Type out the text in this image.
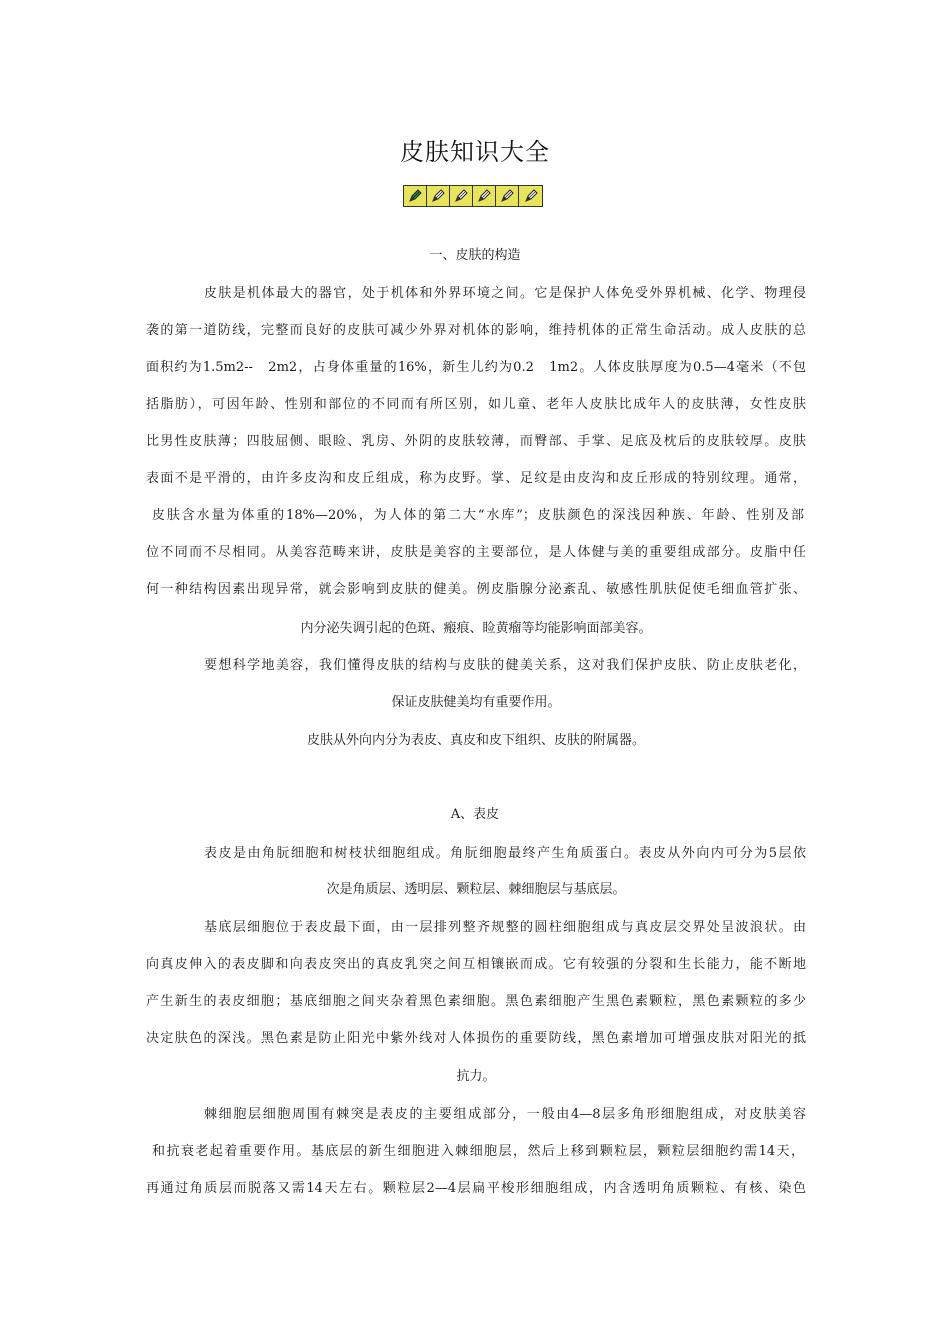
皮肤知识大全
一、皮肤的构造
皮肤是机体最大的器官，处于机体和外界环境之间。它是保护人体免受外界机械、化学、物理侵
袭的第一道防线，完整而良好的皮肤可减少外界对机体的影响，维持机体的正常生命活动。成人皮肤的总
面积约为1.5m2--　2m2，占身体重量的16%，新生儿约为0.2　1m2。人体皮肤厚度为0.5—4毫米（不包
括脂肪），可因年龄、性别和部位的不同而有所区别，如儿童、老年人皮肤比成年人的皮肤薄，女性皮肤
比男性皮肤薄；四肢屈侧、眼睑、乳房、外阴的皮肤较薄，而臀部、手掌、足底及枕后的皮肤较厚。皮肤
表面不是平滑的，由许多皮沟和皮丘组成，称为皮野。掌、足纹是由皮沟和皮丘形成的特别纹理。通常，
皮肤含水量为体重的18%—20%，为人体的第二大“水库”；皮肤颜色的深浅因种族、年龄、性别及部
位不同而不尽相同。从美容范畴来讲，皮肤是美容的主要部位，是人体健与美的重要组成部分。皮脂中任
何一种结构因素出现异常，就会影响到皮肤的健美。例皮脂腺分泌紊乱、敏感性肌肤促使毛细血管扩张、
内分泌失调引起的色斑、瘢痕、睑黄瘤等均能影响面部美容。
要想科学地美容，我们懂得皮肤的结构与皮肤的健美关系，这对我们保护皮肤、防止皮肤老化，
保证皮肤健美均有重要作用。
皮肤从外向内分为表皮、真皮和皮下组织、皮肤的附属器。
A、表皮
表皮是由角朊细胞和树枝状细胞组成。角朊细胞最终产生角质蛋白。表皮从外向内可分为5层依
次是角质层、透明层、颗粒层、棘细胞层与基底层。
基底层细胞位于表皮最下面，由一层排列整齐规整的圆柱细胞组成与真皮层交界处呈波浪状。由
向真皮伸入的表皮脚和向表皮突出的真皮乳突之间互相镶嵌而成。它有较强的分裂和生长能力，能不断地
产生新生的表皮细胞；基底细胞之间夹杂着黑色素细胞。黑色素细胞产生黑色素颗粒，黑色素颗粒的多少
决定肤色的深浅。黑色素是防止阳光中紫外线对人体损伤的重要防线，黑色素增加可增强皮肤对阳光的抵
抗力。
棘细胞层细胞周围有棘突是表皮的主要组成部分，一般由4—8层多角形细胞组成，对皮肤美容
和抗衰老起着重要作用。基底层的新生细胞进入棘细胞层，然后上移到颗粒层，颗粒层细胞约需14天，
再通过角质层而脱落又需14天左右。颗粒层2—4层扁平梭形细胞组成，内含透明角质颗粒、有核、染色
